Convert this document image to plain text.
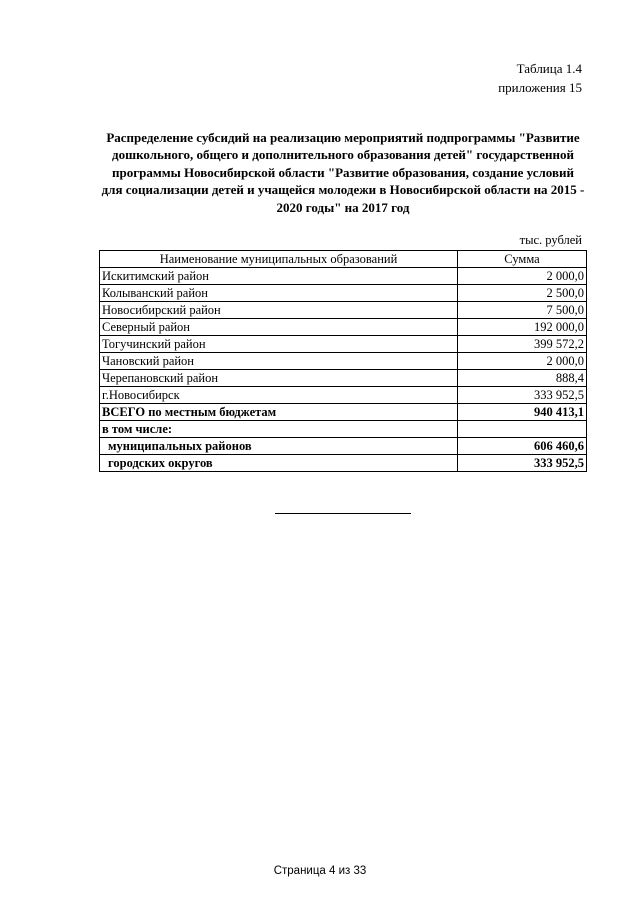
Таблица 1.4
приложения 15
Распределение субсидий на реализацию мероприятий подпрограммы "Развитие
дошкольного, общего и дополнительного образования детей" государственной
программы Новосибирской области "Развитие образования, создание условий
для социализации детей и учащейся молодежи в Новосибирской области на 2015 -
2020 годы" на 2017 год
тыс. рублей
Наименование муниципальных образований	Сумма
Искитимский район	2 000,0
Колыванский район	2 500,0
Новосибирский район	7 500,0
Северный район	192 000,0
Тогучинский район	399 572,2
Чановский район	2 000,0
Черепановский район	888,4
г.Новосибирск	333 952,5
ВСЕГО по местным бюджетам	940 413,1
в том числе:	
муниципальных районов	606 460,6
городских округов	333 952,5
Страница 4 из 33
